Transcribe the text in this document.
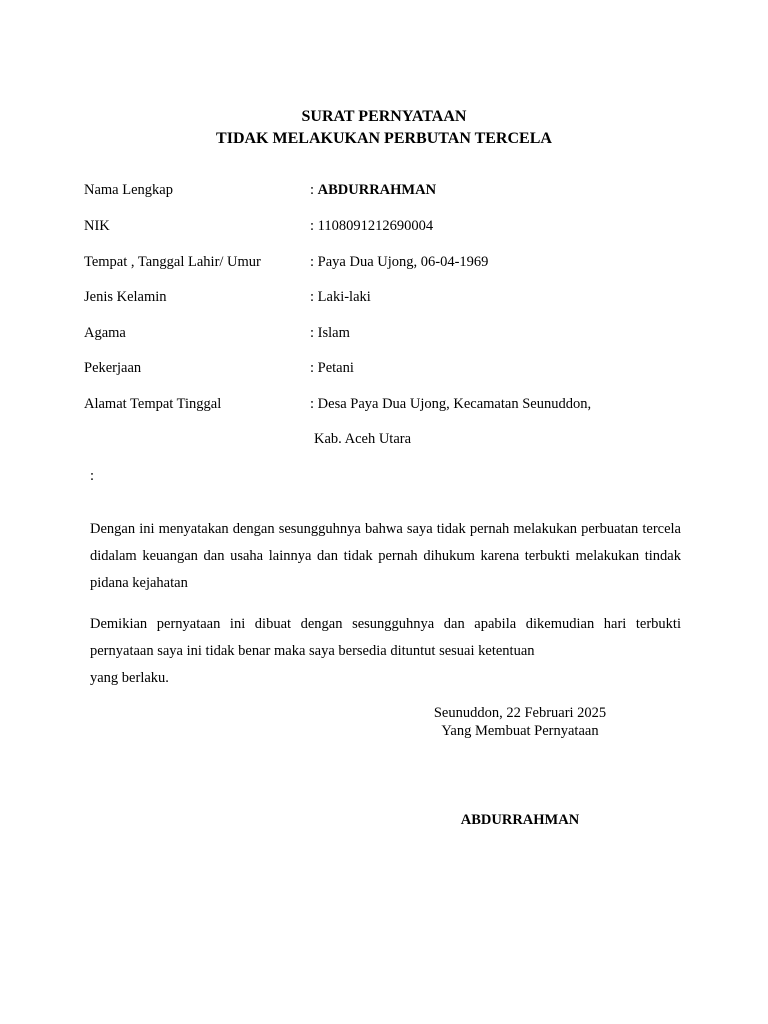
SURAT PERNYATAAN
TIDAK MELAKUKAN PERBUTAN TERCELA
Nama Lengkap	: ABDURRAHMAN
NIK	: 1108091212690004
Tempat , Tanggal Lahir/ Umur	: Paya Dua Ujong, 06-04-1969
Jenis Kelamin	: Laki-laki
Agama	: Islam
Pekerjaan	: Petani
Alamat Tempat Tinggal	: Desa Paya Dua Ujong, Kecamatan Seunuddon,
Kab. Aceh Utara
:
Dengan ini menyatakan dengan sesungguhnya bahwa saya tidak pernah melakukan perbuatan tercela didalam keuangan dan usaha lainnya dan tidak pernah dihukum karena terbukti melakukan tindak pidana kejahatan
Demikian pernyataan ini dibuat dengan sesungguhnya dan apabila dikemudian hari terbukti pernyataan saya ini tidak benar maka saya bersedia dituntut sesuai ketentuan
yang berlaku.
Seunuddon, 22 Februari 2025
Yang Membuat Pernyataan
ABDURRAHMAN
